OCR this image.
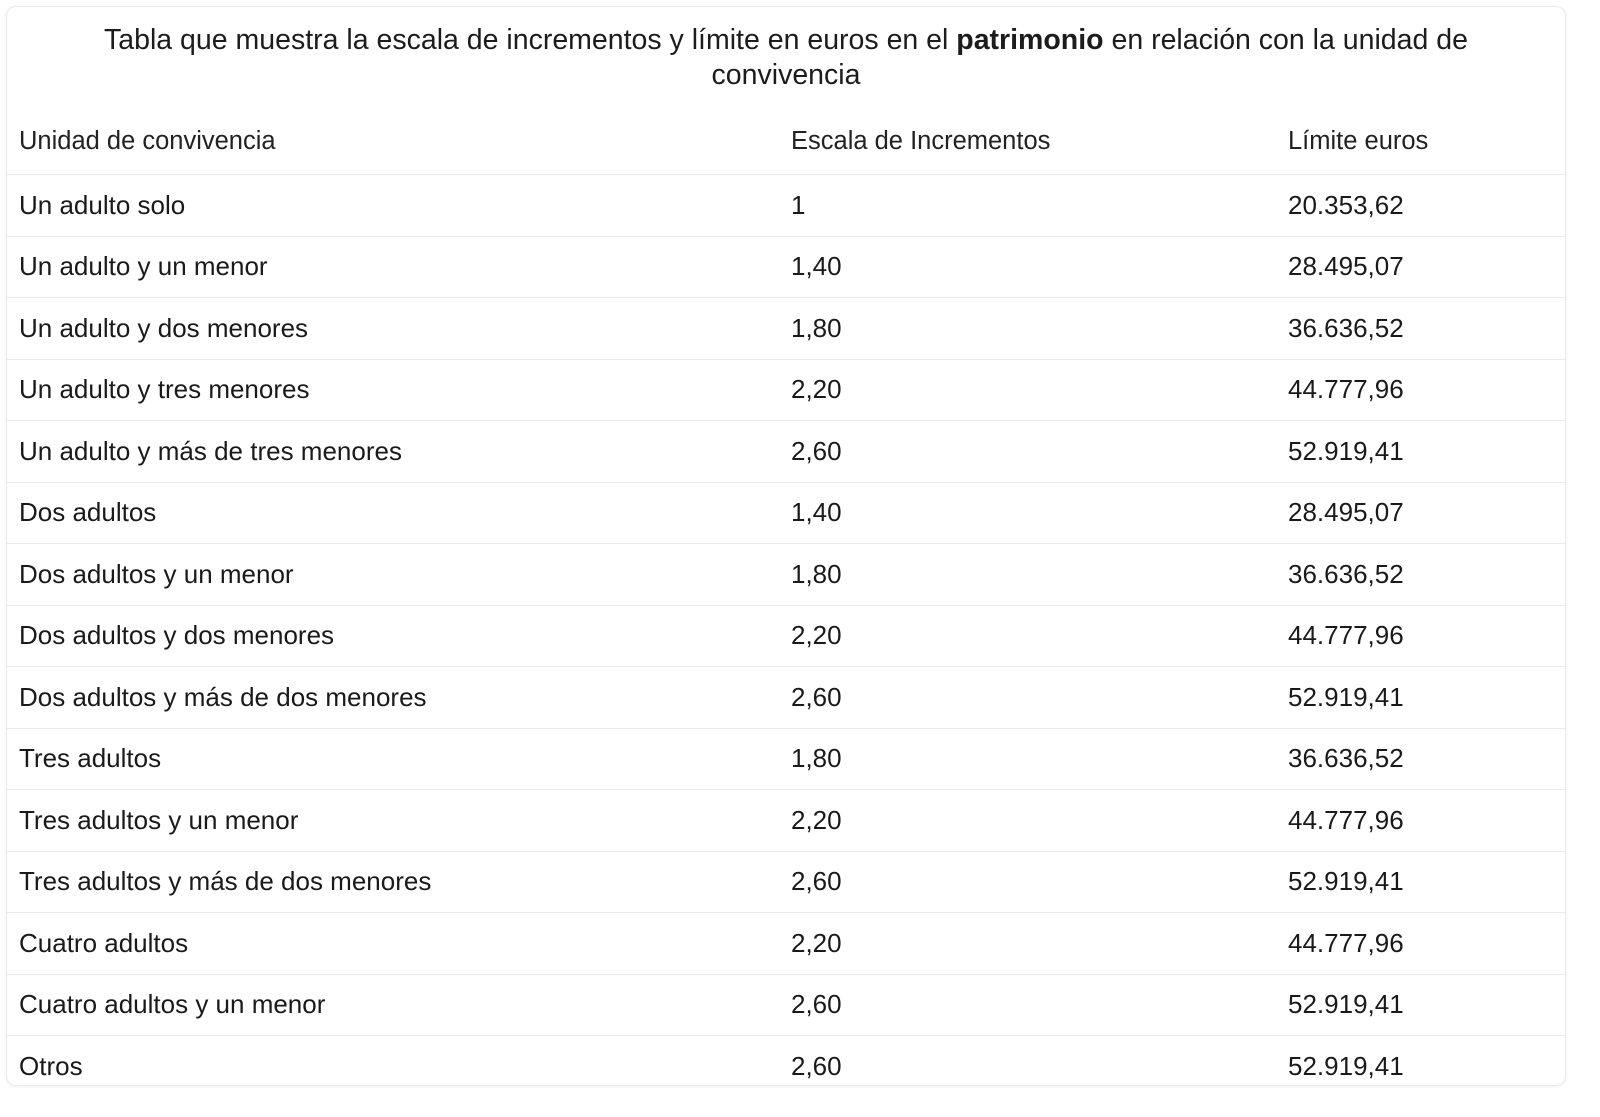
Tabla que muestra la escala de incrementos y límite en euros en el patrimonio en relación con la unidad de convivencia
Unidad de convivencia	Escala de Incrementos	Límite euros
Un adulto solo	1	20.353,62
Un adulto y un menor	1,40	28.495,07
Un adulto y dos menores	1,80	36.636,52
Un adulto y tres menores	2,20	44.777,96
Un adulto y más de tres menores	2,60	52.919,41
Dos adultos	1,40	28.495,07
Dos adultos y un menor	1,80	36.636,52
Dos adultos y dos menores	2,20	44.777,96
Dos adultos y más de dos menores	2,60	52.919,41
Tres adultos	1,80	36.636,52
Tres adultos y un menor	2,20	44.777,96
Tres adultos y más de dos menores	2,60	52.919,41
Cuatro adultos	2,20	44.777,96
Cuatro adultos y un menor	2,60	52.919,41
Otros	2,60	52.919,41
